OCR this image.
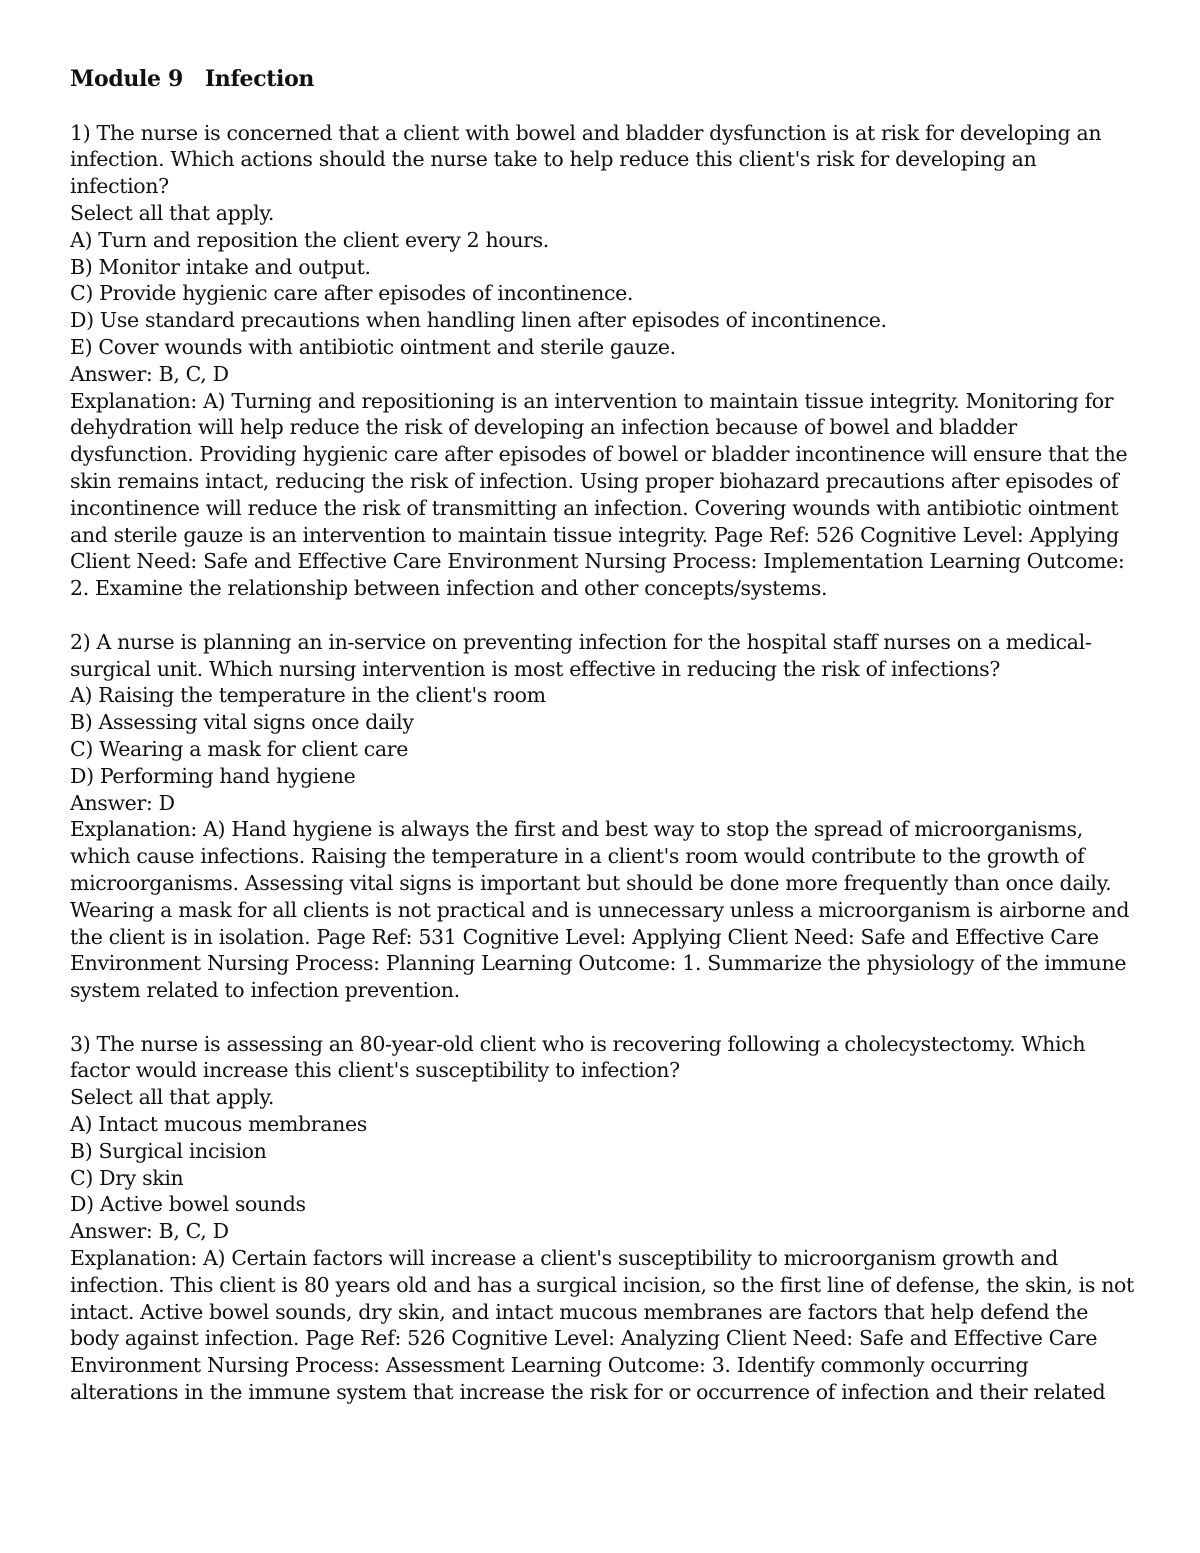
Module 9   Infection
1) The nurse is concerned that a client with bowel and bladder dysfunction is at risk for developing an infection. Which actions should the nurse take to help reduce this client's risk for developing an infection?
Select all that apply.
A) Turn and reposition the client every 2 hours.
B) Monitor intake and output.
C) Provide hygienic care after episodes of incontinence.
D) Use standard precautions when handling linen after episodes of incontinence.
E) Cover wounds with antibiotic ointment and sterile gauze.
Answer: B, C, D
Explanation: A) Turning and repositioning is an intervention to maintain tissue integrity. Monitoring for dehydration will help reduce the risk of developing an infection because of bowel and bladder dysfunction. Providing hygienic care after episodes of bowel or bladder incontinence will ensure that the skin remains intact, reducing the risk of infection. Using proper biohazard precautions after episodes of incontinence will reduce the risk of transmitting an infection. Covering wounds with antibiotic ointment and sterile gauze is an intervention to maintain tissue integrity. Page Ref: 526 Cognitive Level: Applying Client Need: Safe and Effective Care Environment Nursing Process: Implementation Learning Outcome: 2. Examine the relationship between infection and other concepts/systems.
2) A nurse is planning an in-service on preventing infection for the hospital staff nurses on a medical-surgical unit. Which nursing intervention is most effective in reducing the risk of infections?
A) Raising the temperature in the client's room
B) Assessing vital signs once daily
C) Wearing a mask for client care
D) Performing hand hygiene
Answer: D
Explanation: A) Hand hygiene is always the first and best way to stop the spread of microorganisms, which cause infections. Raising the temperature in a client's room would contribute to the growth of microorganisms. Assessing vital signs is important but should be done more frequently than once daily. Wearing a mask for all clients is not practical and is unnecessary unless a microorganism is airborne and the client is in isolation. Page Ref: 531 Cognitive Level: Applying Client Need: Safe and Effective Care Environment Nursing Process: Planning Learning Outcome: 1. Summarize the physiology of the immune system related to infection prevention.
3) The nurse is assessing an 80-year-old client who is recovering following a cholecystectomy. Which factor would increase this client's susceptibility to infection?
Select all that apply.
A) Intact mucous membranes
B) Surgical incision
C) Dry skin
D) Active bowel sounds
Answer: B, C, D
Explanation: A) Certain factors will increase a client's susceptibility to microorganism growth and infection. This client is 80 years old and has a surgical incision, so the first line of defense, the skin, is not intact. Active bowel sounds, dry skin, and intact mucous membranes are factors that help defend the body against infection. Page Ref: 526 Cognitive Level: Analyzing Client Need: Safe and Effective Care Environment Nursing Process: Assessment Learning Outcome: 3. Identify commonly occurring alterations in the immune system that increase the risk for or occurrence of infection and their related
